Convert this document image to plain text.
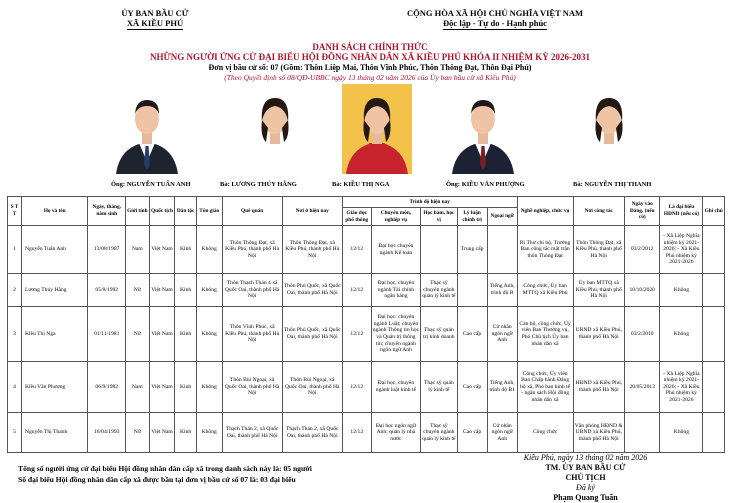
ỦY BAN BẦU CỬ
XÃ KIỀU PHÚ
CỘNG HÒA XÃ HỘI CHỦ NGHĨA VIỆT NAM
Độc lập - Tự do - Hạnh phúc
DANH SÁCH CHÍNH THỨC
NHỮNG NGƯỜI ỨNG CỬ ĐẠI BIỂU HỘI ĐỒNG NHÂN DÂN XÃ KIỀU PHÚ KHÓA II NHIỆM KỲ 2026-2031
Đơn vị bầu cử số: 07 (Gồm: Thôn Liệp Mai, Thôn Vĩnh Phúc, Thôn Thông Đạt, Thôn Đại Phú)
(Theo Quyết định số 08/QĐ-UBBC ngày 13 tháng 02 năm 2026 của Ủy ban bầu cử xã Kiều Phú)
Ông: NGUYỄN TUẤN ANH	Bà: LƯƠNG THÚY HẰNG	Bà: KIỀU THỊ NGA	Ông: KIỀU VĂN PHƯỢNG	Bà: NGUYỄN THỊ THANH
S T T	Họ và tên	Ngày, tháng, năm sinh	Giới tính	Quốc tịch	Dân tộc	Tôn giáo	Quê quán	Nơi ở hiện nay	Trình độ hiện nay					Nghề nghiệp, chức vụ	Nơi công tác	Ngày vào Đảng, (nếu có)	Là đại biểu HĐND (nếu có)	Ghi chú
									Giáo dục phổ thông	Chuyên môn, nghiệp vụ	Học hàm, học vị	Lý luận chính trị	Ngoại ngữ					
1	Nguyễn Tuấn Anh	13/08/1987	Nam	Việt Nam	Kinh	Không	Thôn Thông Đạt, xã Kiều Phú, thành phố Hà Nội	Thôn Thông Đạt, xã Kiều Phú, thành phố Hà Nội	12/12	Đại học chuyên ngành Kế toán		Trung cấp		Bí Thư chi bộ, Trưởng Ban công tác mặt trận thôn Thông Đạt	Thôn Thông Đạt, xã Kiều Phú, thành phố Hà Nội	03/2/2012	- Xã Liệp Nghĩa nhiệm kỳ 2021-2026; - Xã Kiều Phú nhiệm kỳ 2021-2026	
2	Lương Thúy Hằng	05/8/1992	Nữ	Việt Nam	Kinh	Không	Thôn Thạch Thán 4 xã Quốc Oai, thành phố Hà Nội	Thôn Phú Quốc, xã Quốc Oai, thành phố Hà Nội	12/12	Đại học, chuyên ngành Tài chính ngân hàng	Thạc sỹ chuyên ngành quản lý kinh tế		Tiếng Anh, trình độ B	Công chức, Ủy ban MTTQ xã Kiều Phú	Ủy ban MTTQ xã Kiều Phú, thành phố Hà Nội	10/10/2020	Không	
3	Kiều Thị Nga	01/11/1981	Nữ	Việt Nam	Kinh	Không	Thôn Vĩnh Phúc, xã Kiều Phú, thành phố Hà Nội	Thôn Phú Quốc, xã Quốc Oai, thành phố Hà Nội	12/12	Đại học: chuyên ngành Luật; chuyên ngành Thông tin học và Quản trị thông tin; chuyên ngành ngôn ngữ Anh	Thạc sỹ quản trị kinh doanh	Cao cấp	Cử nhân ngôn ngữ Anh	Cán bộ, công chức, Ủy viên Ban Thường vụ, Phó Chủ tịch Ủy ban nhân dân xã	UBND xã Kiều Phú, thành phố Hà Nội	03/2/2010	Không	
4	Kiều Văn Phượng	06/9/1982	Nam	Việt Nam	Kinh	Không	Thôn Bùi Ngoại, xã Quốc Oai, thành phố Hà Nội	Thôn Bùi Ngoại, xã Quốc Oai, thành phố Hà Nội	12/12	Đại học, chuyên ngành luật kinh tế	Thạc sỹ quản lý kinh tế	Cao cấp	Tiếng Anh, trình độ B1	Công chức, Ủy viên Ban Chấp hành Đảng bộ xã, Phó ban kinh tế - ngân sách Hội đồng nhân dân xã	HĐND xã Kiều Phú, thành phố Hà Nội	20/05/2013	- Xã Liệp Nghĩa nhiệm kỳ 2021-2026; - Xã Kiều Phú nhiệm kỳ 2021-2026	
5	Nguyễn Thị Thanh	16/04/1993	Nữ	Việt Nam	Kinh	Không	Thạch Thán 2, xã Quốc Oai, thành phố Hà Nội	Thạch Thán 2, xã Quốc Oai, thành phố Hà Nội	12/12	Đại học ngôn ngữ Anh; quản lý nhà nước	Thạc sỹ chuyên ngành quản lý kinh tế	Cao cấp	Cử nhân ngôn ngữ Anh	Công chức	Văn phòng HĐND & UBND xã Kiều Phú, thành phố Hà Nội		Không	
Tổng số người ứng cử đại biểu Hội đồng nhân dân cấp xã trong danh sách này là: 05 người
Số đại biểu Hội đồng nhân dân cấp xã được bầu tại đơn vị bầu cử số 07 là: 03 đại biểu
Kiều Phú, ngày 13 tháng 02 năm 2026
TM. ỦY BAN BẦU CỬ
CHỦ TỊCH
Đã ký
Phạm Quang Tuấn
